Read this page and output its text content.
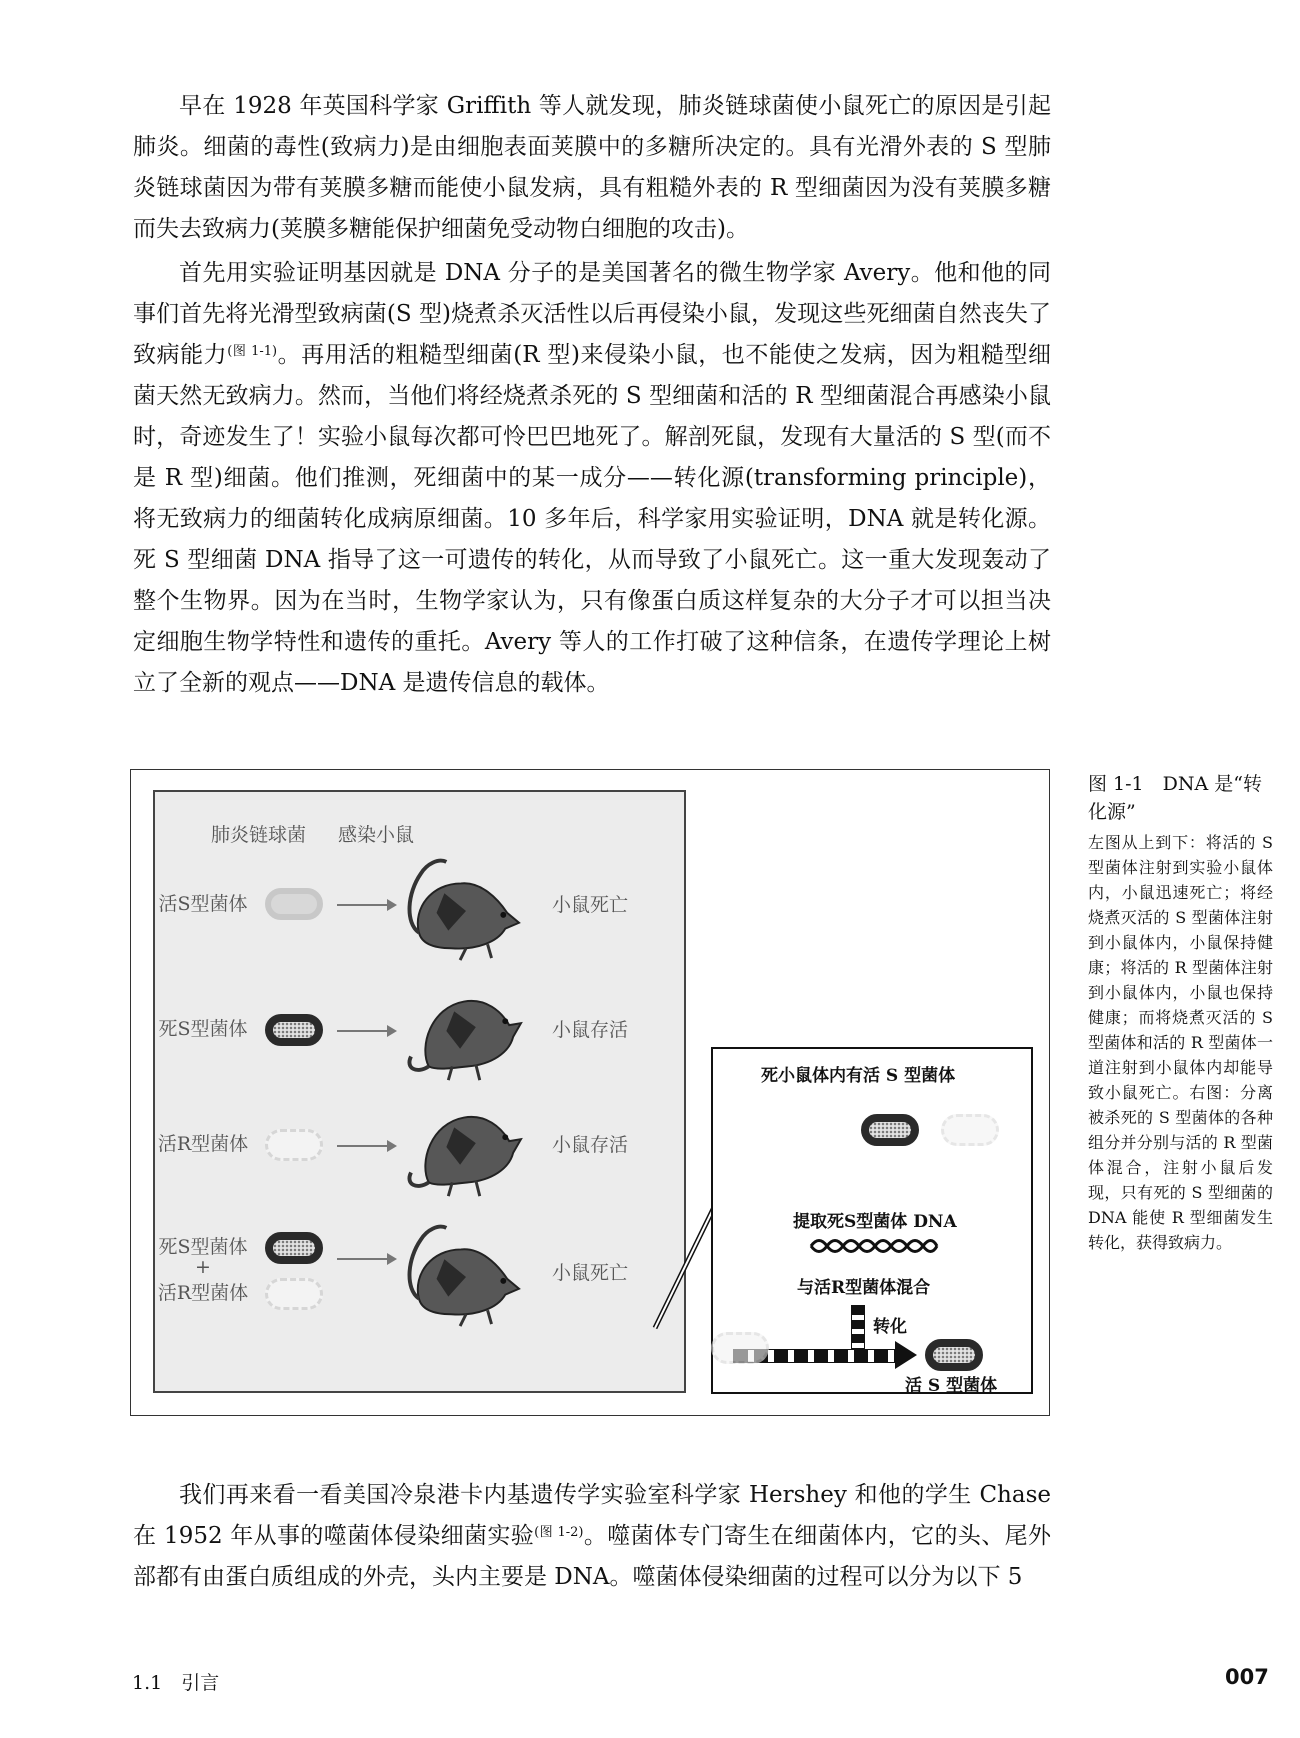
早在 1928 年英国科学家 Griffith 等人就发现，肺炎链球菌使小鼠死亡的原因是引起肺炎。细菌的毒性(致病力)是由细胞表面荚膜中的多糖所决定的。具有光滑外表的 S 型肺炎链球菌因为带有荚膜多糖而能使小鼠发病，具有粗糙外表的 R 型细菌因为没有荚膜多糖而失去致病力(荚膜多糖能保护细菌免受动物白细胞的攻击)。

首先用实验证明基因就是 DNA 分子的是美国著名的微生物学家 Avery。他和他的同事们首先将光滑型致病菌(S 型)烧煮杀灭活性以后再侵染小鼠，发现这些死细菌自然丧失了致病能力$^{(图 1-1)}$。再用活的粗糙型细菌(R 型)来侵染小鼠，也不能使之发病，因为粗糙型细菌天然无致病力。然而，当他们将经烧煮杀死的 S 型细菌和活的 R 型细菌混合再感染小鼠时，奇迹发生了！实验小鼠每次都可怜巴巴地死了。解剖死鼠，发现有大量活的 S 型(而不是 R 型)细菌。他们推测，死细菌中的某一成分——转化源(transforming principle)，将无致病力的细菌转化成病原细菌。10 多年后，科学家用实验证明，DNA 就是转化源。死 S 型细菌 DNA 指导了这一可遗传的转化，从而导致了小鼠死亡。这一重大发现轰动了整个生物界。因为在当时，生物学家认为，只有像蛋白质这样复杂的大分子才可以担当决定细胞生物学特性和遗传的重托。Avery 等人的工作打破了这种信条，在遗传学理论上树立了全新的观点——DNA 是遗传信息的载体。

肺炎链球菌 感染小鼠
活S型菌体	小鼠死亡
死S型菌体	小鼠存活
活R型菌体	小鼠存活
死S型菌体
+
活R型菌体
小鼠死亡
死小鼠体内有活 S 型菌体
提取死S型菌体 DNA
与活R型菌体混合
转化
活 S 型菌体
图 1-1　DNA 是“转化源”
左图从上到下：将活的 S 型菌体注射到实验小鼠体内，小鼠迅速死亡；将经烧煮灭活的 S 型菌体注射到小鼠体内，小鼠保持健康；将活的 R 型菌体注射到小鼠体内，小鼠也保持健康；而将烧煮灭活的 S 型菌体和活的 R 型菌体一道注射到小鼠体内却能导致小鼠死亡。右图：分离被杀死的 S 型菌体的各种组分并分别与活的 R 型菌体混合，注射小鼠后发现，只有死的 S 型细菌的 DNA 能使 R 型细菌发生转化，获得致病力。

我们再来看一看美国冷泉港卡内基遗传学实验室科学家 Hershey 和他的学生 Chase 在 1952 年从事的噬菌体侵染细菌实验$^{(图 1-2)}$。噬菌体专门寄生在细菌体内，它的头、尾外部都有由蛋白质组成的外壳，头内主要是 DNA。噬菌体侵染细菌的过程可以分为以下 5

1.1　引言	007
